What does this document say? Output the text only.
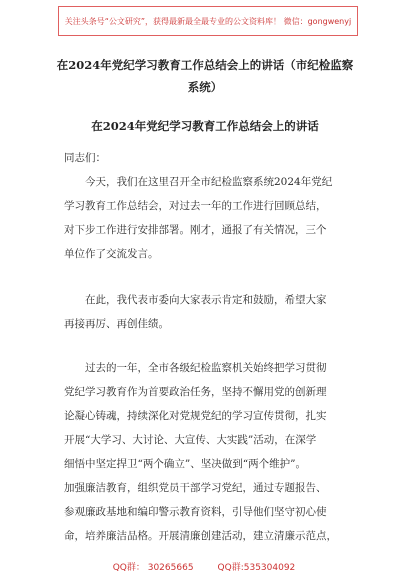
关注头条号“公文研究”，获得最新最全最专业的公文资料库！ 微信：gongwenyj
在2024年党纪学习教育工作总结会上的讲话（市纪检监察
系统）
在2024年党纪学习教育工作总结会上的讲话

同志们：

今天，我们在这里召开全市纪检监察系统2024年党纪
学习教育工作总结会，对过去一年的工作进行回顾总结，
对下步工作进行安排部署。刚才，通报了有关情况，三个
单位作了交流发言。

在此，我代表市委向大家表示肯定和鼓励，希望大家
再接再厉、再创佳绩。

过去的一年，全市各级纪检监察机关始终把学习贯彻
党纪学习教育作为首要政治任务，坚持不懈用党的创新理
论凝心铸魂，持续深化对党规党纪的学习宣传贯彻，扎实
开展“大学习、大讨论、大宣传、大实践”活动，在深学
细悟中坚定捍卫“两个确立”、坚决做到“两个维护”。
加强廉洁教育，组织党员干部学习党纪，通过专题报告、
参观廉政基地和编印警示教育资料，引导他们坚守初心使
命，培养廉洁品格。开展清廉创建活动，建立清廉示范点，

QQ群： 30265665	QQ群:535304092
